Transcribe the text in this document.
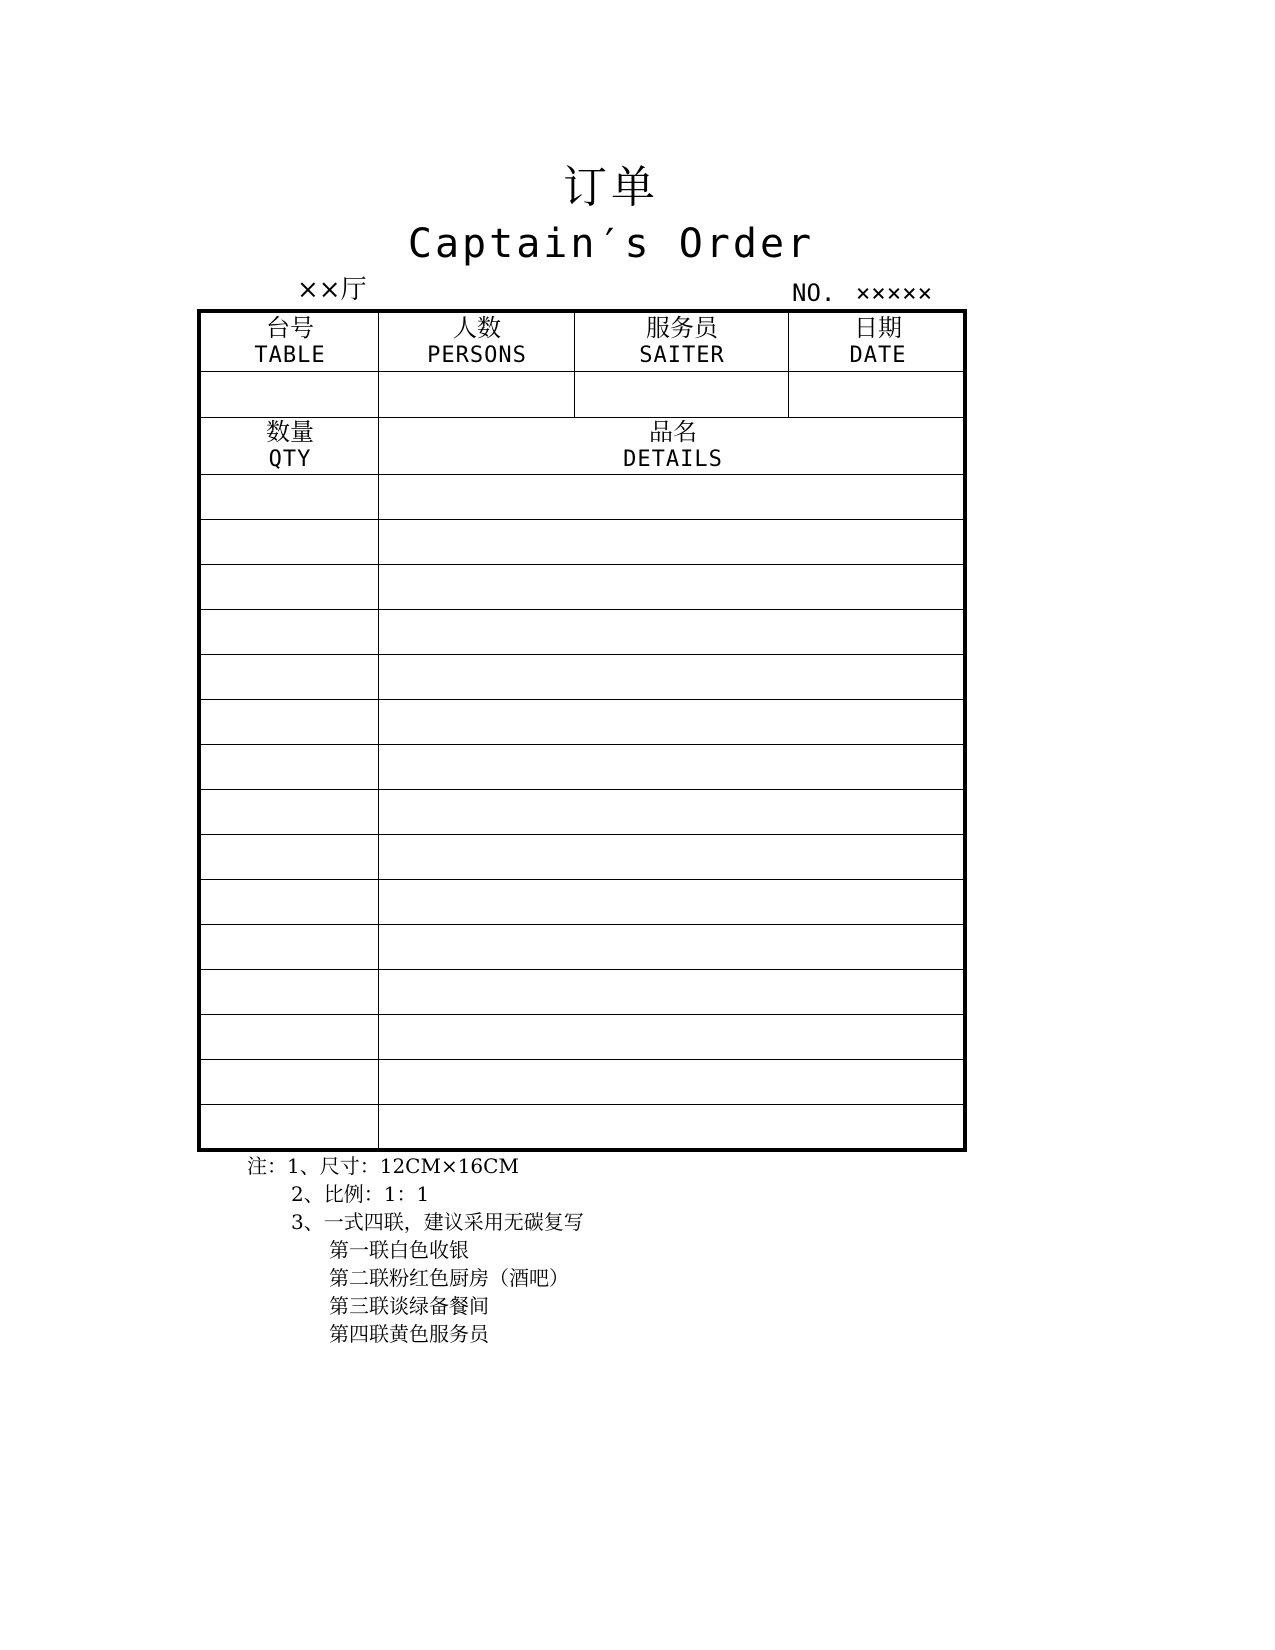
订单
Captain′s Order
××厅	NO. ×××××
台号
TABLE
人数
PERSONS
服务员
SAITER
日期
DATE
数量
QTY
品名
DETAILS
注：1、尺寸：12CM×16CM
2、比例：1：1
3、一式四联，建议采用无碳复写
第一联白色收银
第二联粉红色厨房（酒吧）
第三联谈绿备餐间
第四联黄色服务员
